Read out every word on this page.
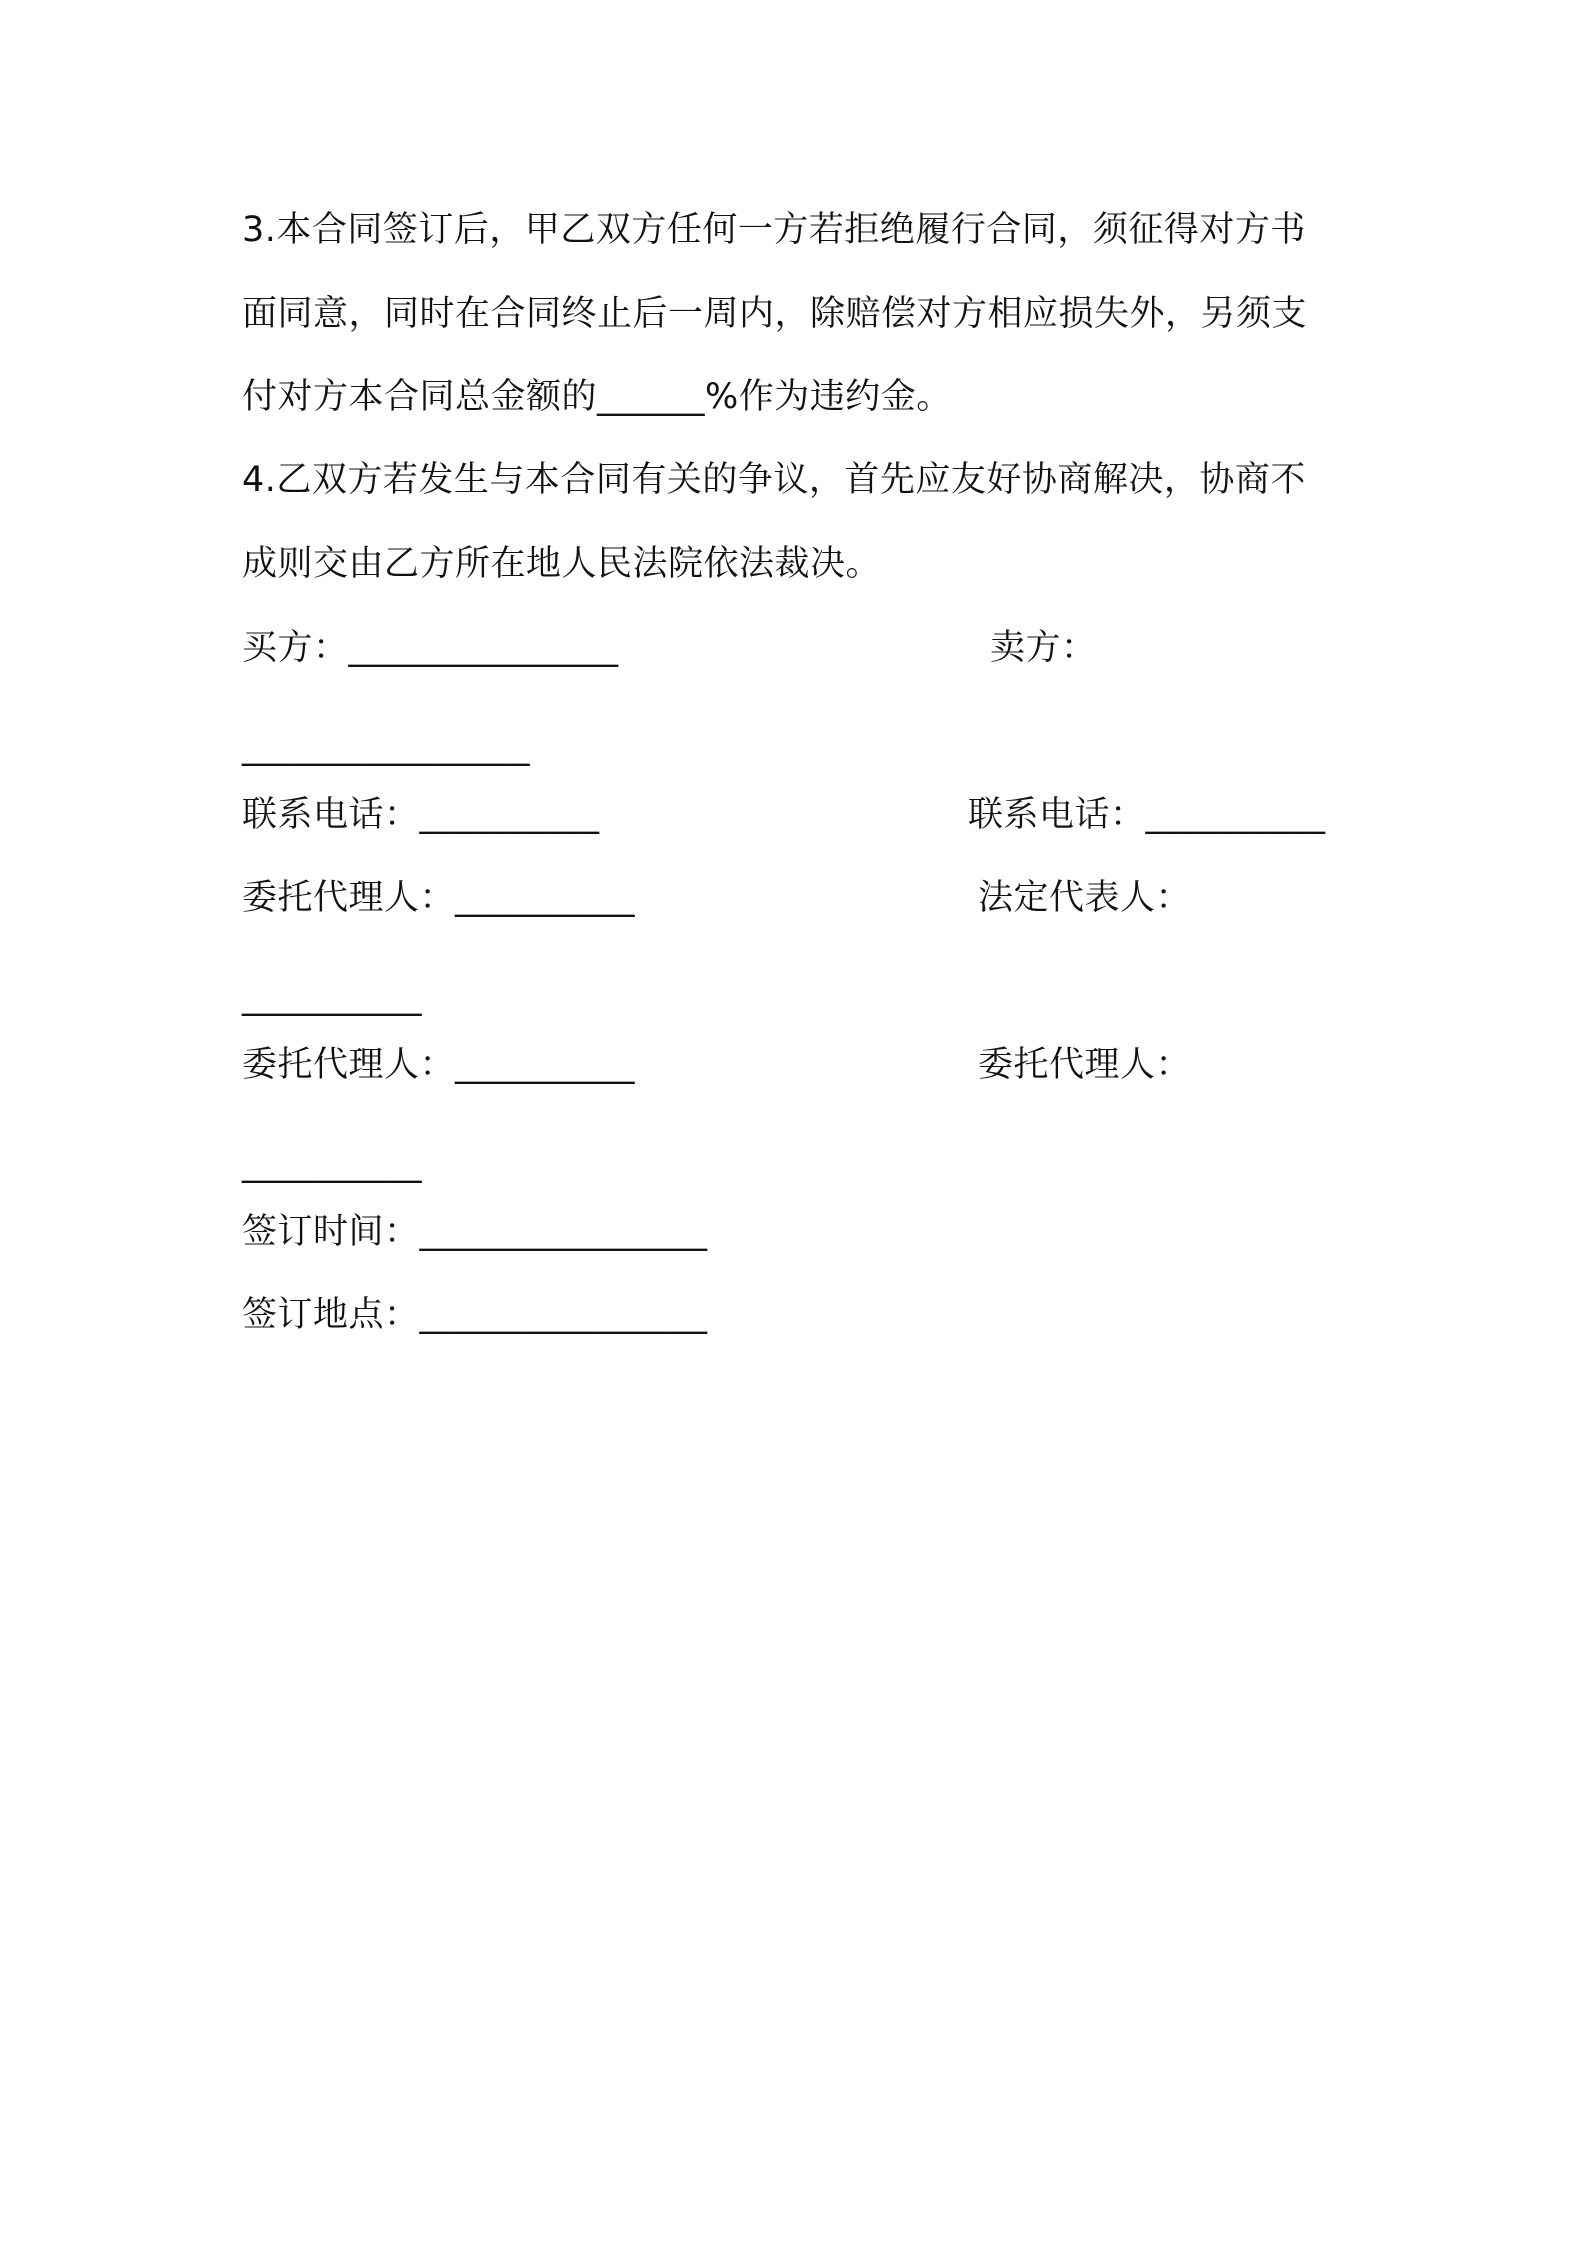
3.本合同签订后，甲乙双方任何一方若拒绝履行合同，须征得对方书
面同意，同时在合同终止后一周内，除赔偿对方相应损失外，另须支
付对方本合同总金额的______%作为违约金。
4.乙双方若发生与本合同有关的争议，首先应友好协商解决，协商不
成则交由乙方所在地人民法院依法裁决。
买方：_______________	卖方：
________________
联系电话：__________	联系电话：__________
委托代理人：__________	法定代表人：
__________
委托代理人：__________	委托代理人：
__________
签订时间：________________
签订地点：________________
